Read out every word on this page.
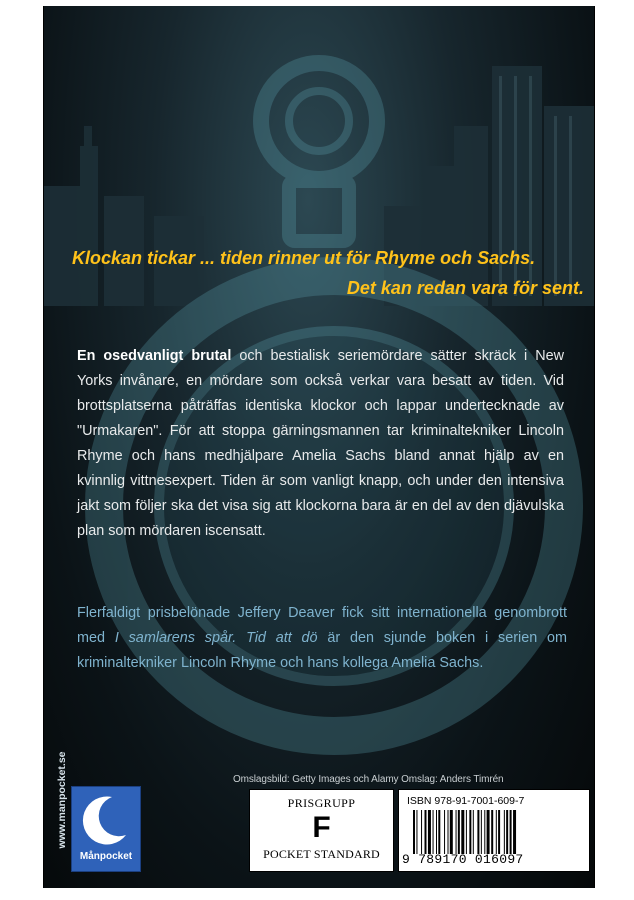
Klockan tickar ... tiden rinner ut för Rhyme och Sachs.
Det kan redan vara för sent.
En osedvanligt brutal och bestialisk seriemördare sätter skräck i New Yorks invånare, en mördare som också verkar vara besatt av tiden. Vid brottsplatserna påträffas identiska klockor och lappar undertecknade av "Urmakaren". För att stoppa gärningsmannen tar kriminaltekniker Lincoln Rhyme och hans medhjälpare Amelia Sachs bland annat hjälp av en kvinnlig vittnesexpert. Tiden är som vanligt knapp, och under den intensiva jakt som följer ska det visa sig att klockorna bara är en del av den djävulska plan som mördaren iscensatt.
Flerfaldigt prisbelönade Jeffery Deaver fick sitt internationella genombrott med I samlarens spår. Tid att dö är den sjunde boken i serien om kriminaltekniker Lincoln Rhyme och hans kollega Amelia Sachs.
www.manpocket.se
Månpocket
Omslagsbild: Getty Images och Alamy Omslag: Anders Timrén
PRISGRUPP
F
POCKET STANDARD
ISBN 978-91-7001-609-7
9 789170 016097
